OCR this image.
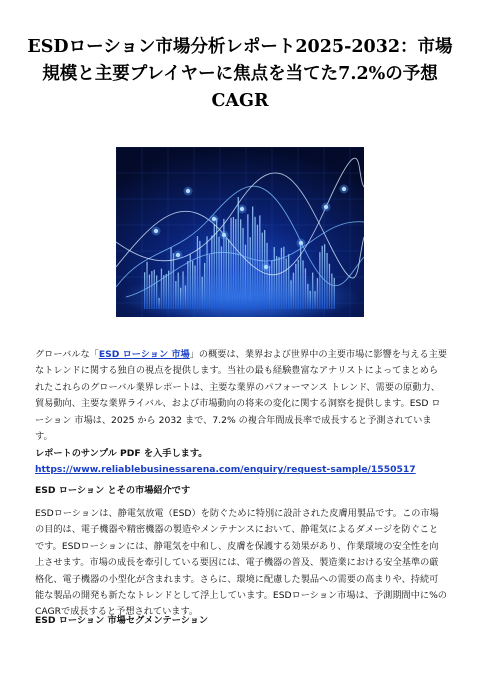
ESDローション市場分析レポート2025-2032：市場規模と主要プレイヤーに焦点を当てた7.2%の予想CAGR
グローバルな「ESD ローション 市場」の概要は、業界および世界中の主要市場に影響を与える主要なトレンドに関する独自の視点を提供します。当社の最も経験豊富なアナリストによってまとめられたこれらのグローバル業界レポートは、主要な業界のパフォーマンス トレンド、需要の原動力、貿易動向、主要な業界ライバル、および市場動向の将来の変化に関する洞察を提供します。ESD ローション 市場は、2025 から 2032 まで、7.2% の複合年間成長率で成長すると予測されています。
レポートのサンプル PDF を入手します。 https://www.reliablebusinessarena.com/enquiry/request-sample/1550517
ESD ローション とその市場紹介です
ESDローションは、静電気放電（ESD）を防ぐために特別に設計された皮膚用製品です。この市場の目的は、電子機器や精密機器の製造やメンテナンスにおいて、静電気によるダメージを防ぐことです。ESDローションには、静電気を中和し、皮膚を保護する効果があり、作業環境の安全性を向上させます。市場の成長を牽引している要因には、電子機器の普及、製造業における安全基準の厳格化、電子機器の小型化が含まれます。さらに、環境に配慮した製品への需要の高まりや、持続可能な製品の開発も新たなトレンドとして浮上しています。ESDローション市場は、予測期間中に%のCAGRで成長すると予想されています。
ESD ローション 市場セグメンテーション
